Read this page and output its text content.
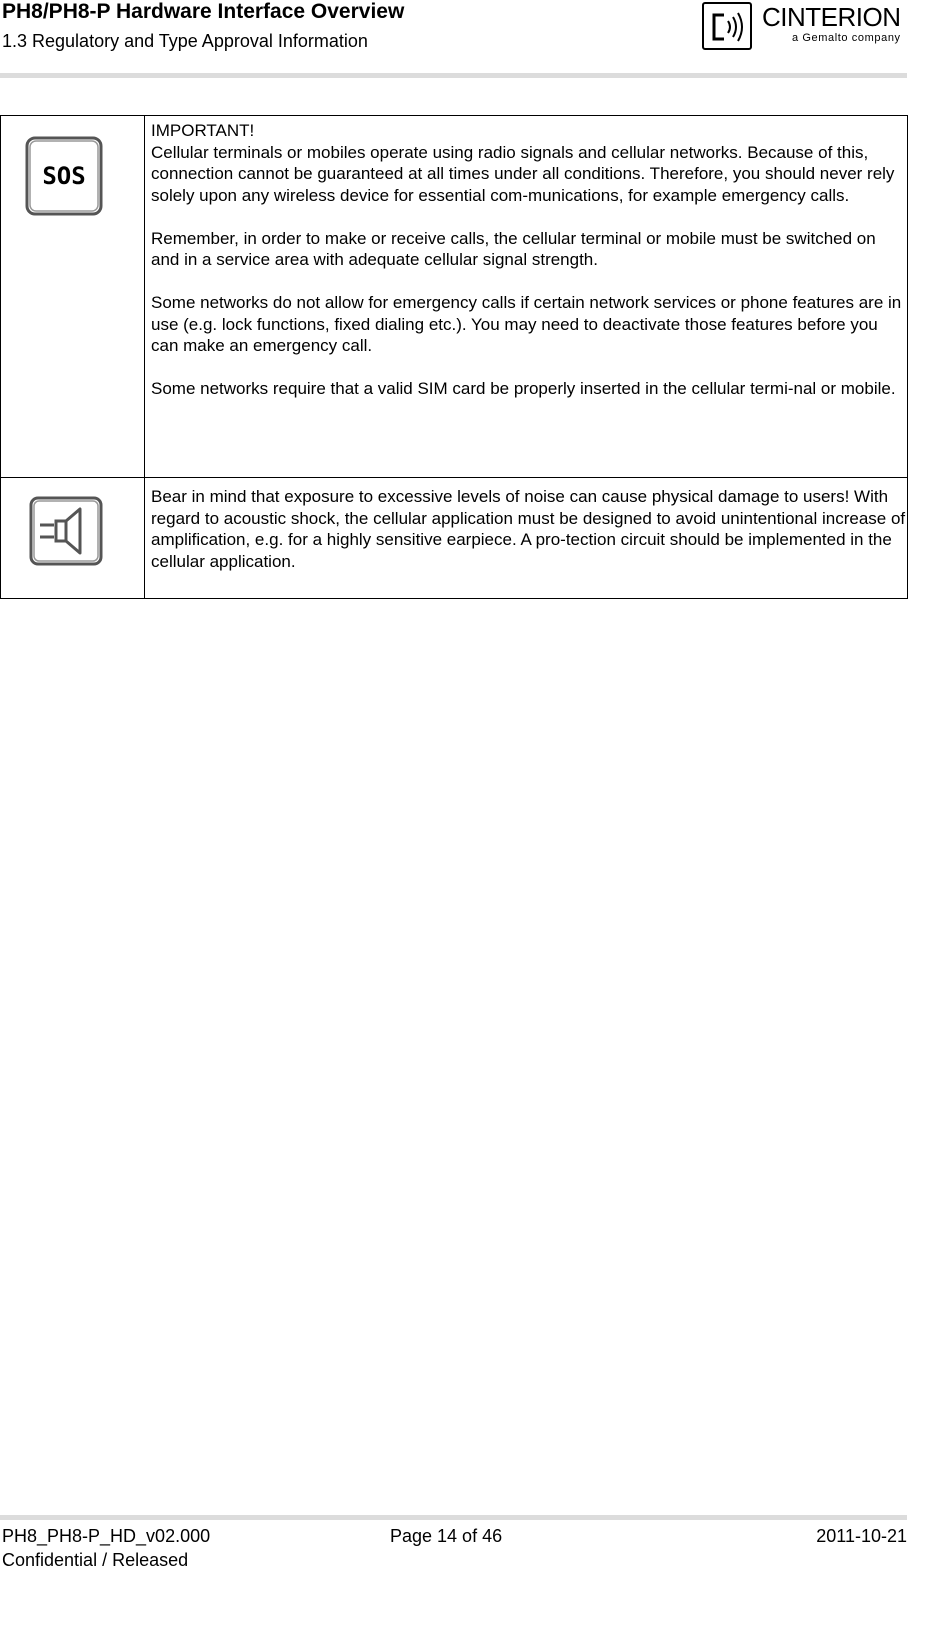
PH8/PH8-P Hardware Interface Overview
1.3 Regulatory and Type Approval Information
CINTERION
a Gemalto company
SOS	IMPORTANT!
Cellular terminals or mobiles operate using radio signals and cellular networks. Because of this, connection cannot be guaranteed at all times under all conditions. Therefore, you should never rely solely upon any wireless device for essential com-munications, for example emergency calls.

Remember, in order to make or receive calls, the cellular terminal or mobile must be switched on and in a service area with adequate cellular signal strength.

Some networks do not allow for emergency calls if certain network services or phone features are in use (e.g. lock functions, fixed dialing etc.). You may need to deactivate those features before you can make an emergency call.

Some networks require that a valid SIM card be properly inserted in the cellular termi-nal or mobile.

Bear in mind that exposure to excessive levels of noise can cause physical damage to users! With regard to acoustic shock, the cellular application must be designed to avoid unintentional increase of amplification, e.g. for a highly sensitive earpiece. A pro-tection circuit should be implemented in the cellular application.

PH8_PH8-P_HD_v02.000
Confidential / Released
Page 14 of 46	2011-10-21
